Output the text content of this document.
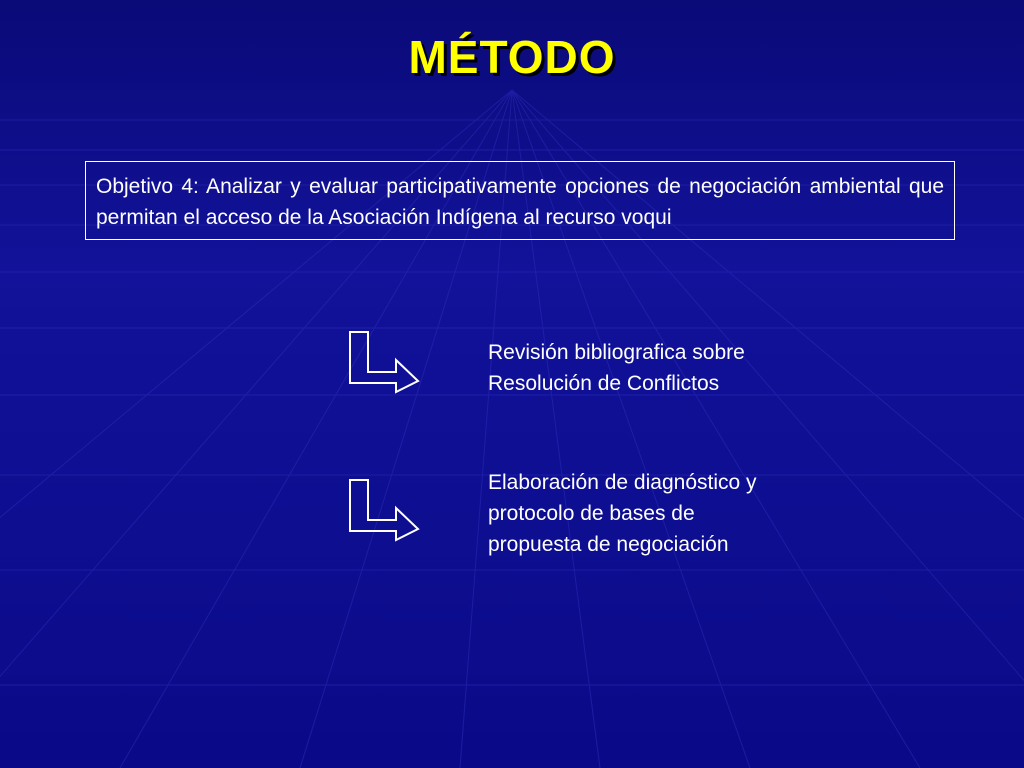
MÉTODO
Objetivo 4: Analizar y evaluar participativamente opciones de negociación ambiental que permitan el acceso de la Asociación Indígena al recurso voqui
Revisión bibliografica sobre
Resolución de Conflictos
Elaboración de diagnóstico y
protocolo de bases de
propuesta de negociación
